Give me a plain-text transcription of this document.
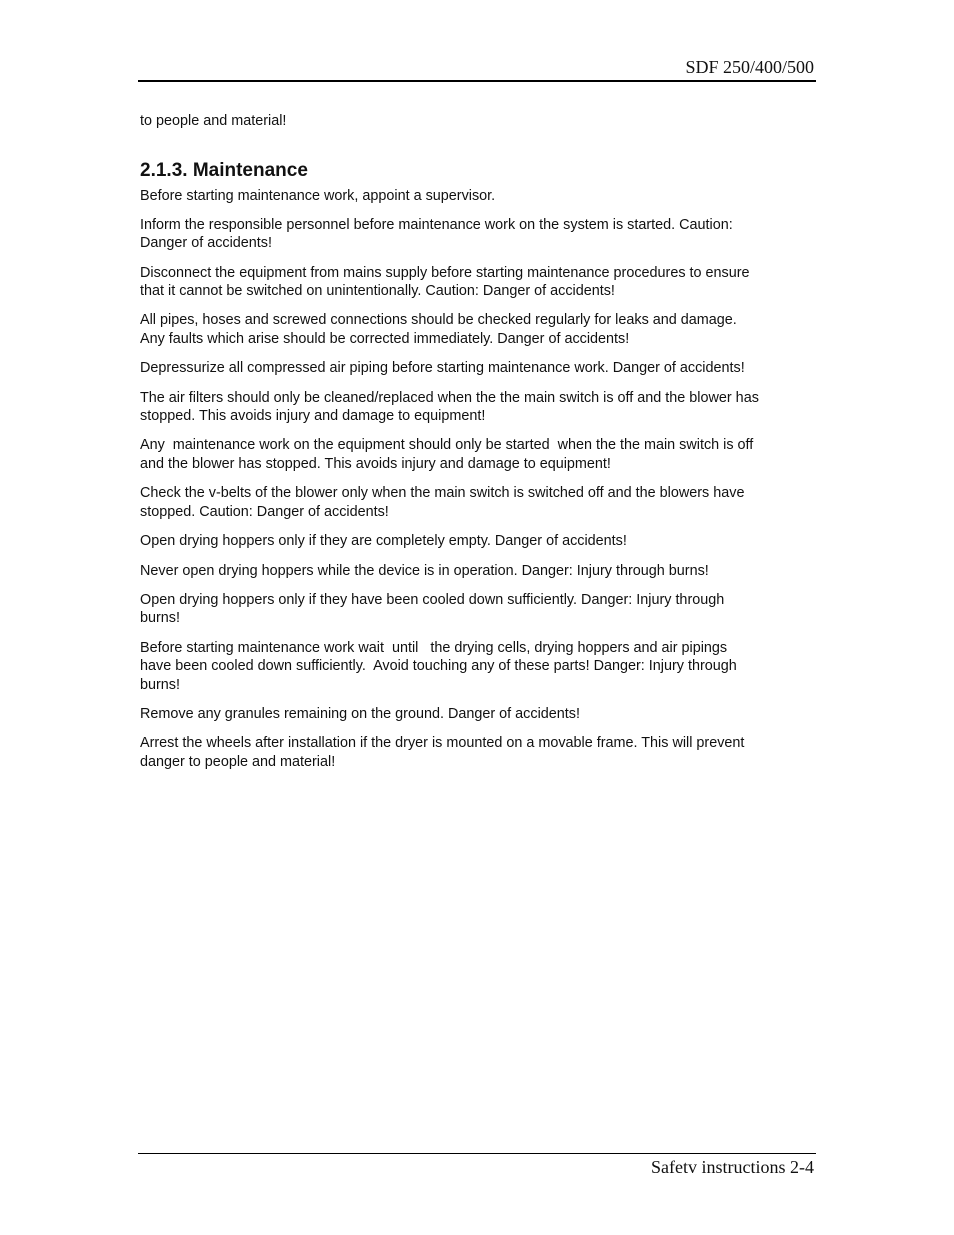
SDF 250/400/500

to people and material!

2.1.3. Maintenance

Before starting maintenance work, appoint a supervisor.

Inform the responsible personnel before maintenance work on the system is started. Caution:
Danger of accidents!

Disconnect the equipment from mains supply before starting maintenance procedures to ensure
that it cannot be switched on unintentionally. Caution: Danger of accidents!

All pipes, hoses and screwed connections should be checked regularly for leaks and damage.
Any faults which arise should be corrected immediately. Danger of accidents!

Depressurize all compressed air piping before starting maintenance work. Danger of accidents!

The air filters should only be cleaned/replaced when the the main switch is off and the blower has
stopped. This avoids injury and damage to equipment!

Any  maintenance work on the equipment should only be started  when the the main switch is off
and the blower has stopped. This avoids injury and damage to equipment!

Check the v-belts of the blower only when the main switch is switched off and the blowers have
stopped. Caution: Danger of accidents!

Open drying hoppers only if they are completely empty. Danger of accidents!

Never open drying hoppers while the device is in operation. Danger: Injury through burns!

Open drying hoppers only if they have been cooled down sufficiently. Danger: Injury through
burns!

Before starting maintenance work wait  until   the drying cells, drying hoppers and air pipings
have been cooled down sufficiently.  Avoid touching any of these parts! Danger: Injury through
burns!

Remove any granules remaining on the ground. Danger of accidents!

Arrest the wheels after installation if the dryer is mounted on a movable frame. This will prevent
danger to people and material!

Safetv instructions 2-4
